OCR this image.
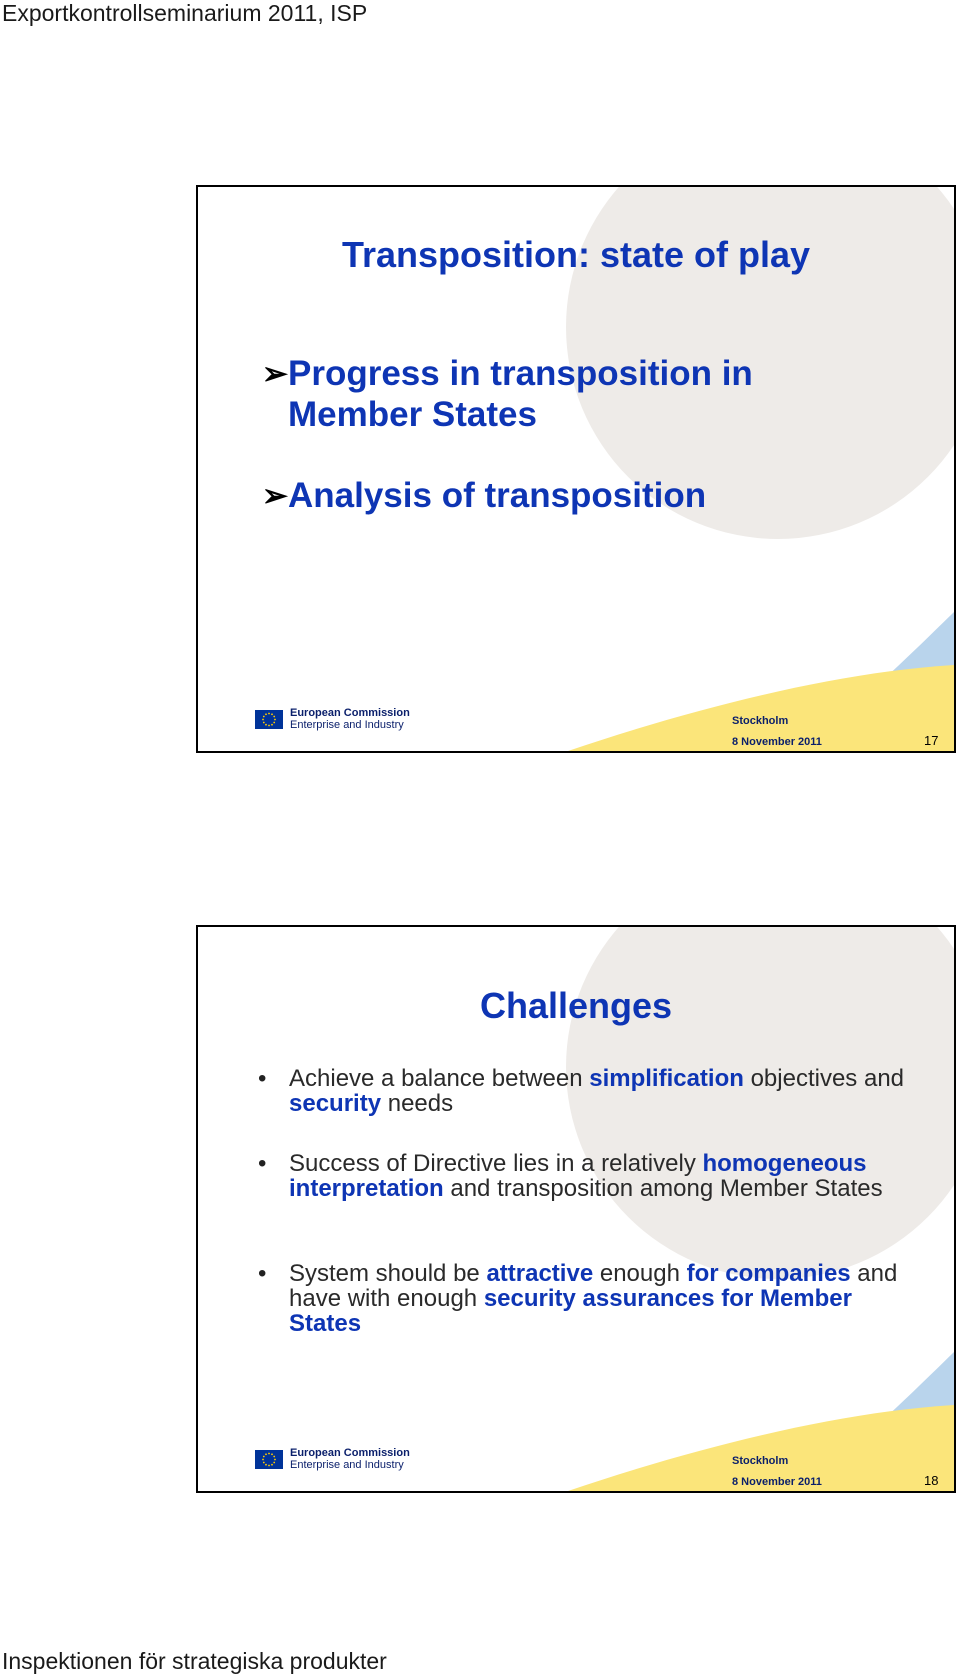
Exportkontrollseminarium 2011, ISP
Transposition: state of play
➢ Progress in transposition in Member States
➢ Analysis of transposition
European Commission
Enterprise and Industry	Stockholm
8 November 2011	17
Challenges
• Achieve a balance between simplification objectives and security needs
• Success of Directive lies in a relatively homogeneous interpretation and transposition among Member States
• System should be attractive enough for companies and have with enough security assurances for Member States
European Commission
Enterprise and Industry	Stockholm
8 November 2011	18
Inspektionen för strategiska produkter
